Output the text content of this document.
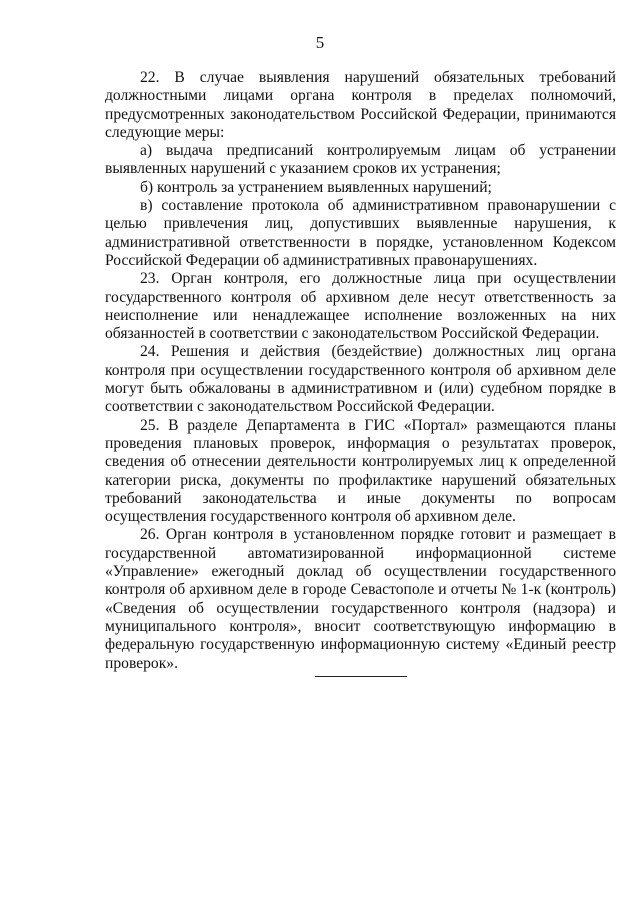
5

22. В случае выявления нарушений обязательных требований должностными лицами органа контроля в пределах полномочий, предусмотренных законодательством Российской Федерации, принимаются следующие меры:

а) выдача предписаний контролируемым лицам об устранении выявленных нарушений с указанием сроков их устранения;

б) контроль за устранением выявленных нарушений;

в) составление протокола об административном правонарушении с целью привлечения лиц, допустивших выявленные нарушения, к административной ответственности в порядке, установленном Кодексом Российской Федерации об административных правонарушениях.

23. Орган контроля, его должностные лица при осуществлении государственного контроля об архивном деле несут ответственность за неисполнение или ненадлежащее исполнение возложенных на них обязанностей в соответствии с законодательством Российской Федерации.

24. Решения и действия (бездействие) должностных лиц органа контроля при осуществлении государственного контроля об архивном деле могут быть обжалованы в административном и (или) судебном порядке в соответствии с законодательством Российской Федерации.

25. В разделе Департамента в ГИС «Портал» размещаются планы проведения плановых проверок, информация о результатах проверок, сведения об отнесении деятельности контролируемых лиц к определенной категории риска, документы по профилактике нарушений обязательных требований законодательства и иные документы по вопросам осуществления государственного контроля об архивном деле.

26. Орган контроля в установленном порядке готовит и размещает в государственной автоматизированной информационной системе «Управление» ежегодный доклад об осуществлении государственного контроля об архивном деле в городе Севастополе и отчеты № 1-к (контроль) «Сведения об осуществлении государственного контроля (надзора) и муниципального контроля», вносит соответствующую информацию в федеральную государственную информационную систему «Единый реестр проверок».
